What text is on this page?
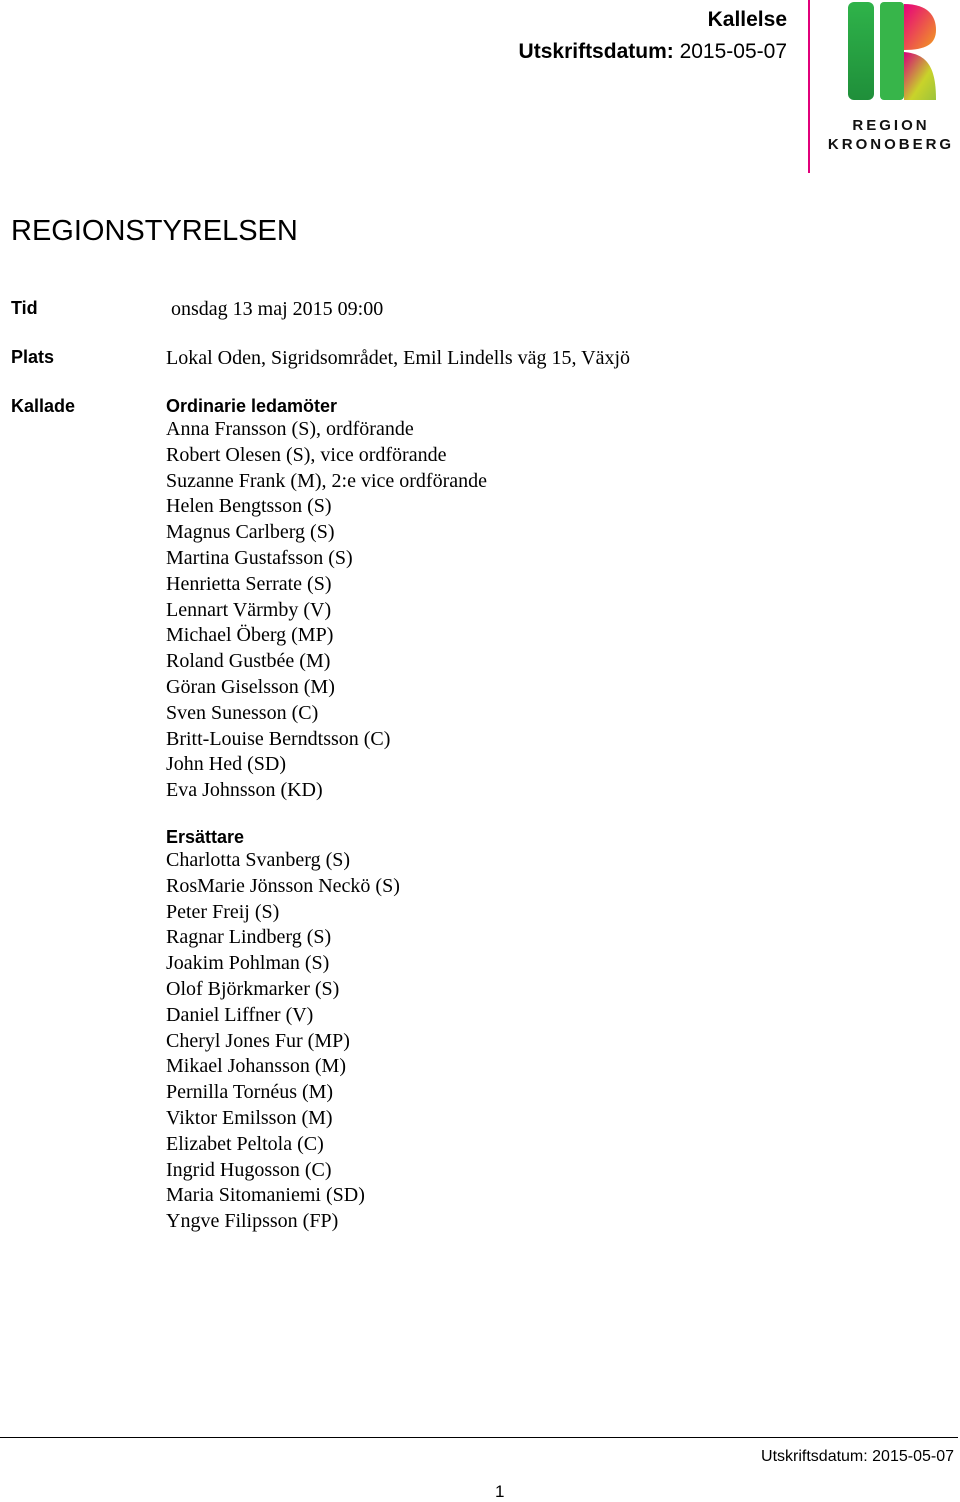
Kallelse
Utskriftsdatum: 2015-05-07
REGION
KRONOBERG
REGIONSTYRELSEN
Tid	onsdag 13 maj 2015 09:00
Plats	Lokal Oden, Sigridsområdet, Emil Lindells väg 15, Växjö
Kallade	Ordinarie ledamöter
Anna Fransson (S), ordförande
Robert Olesen (S), vice ordförande
Suzanne Frank (M), 2:e vice ordförande
Helen Bengtsson (S)
Magnus Carlberg (S)
Martina Gustafsson (S)
Henrietta Serrate (S)
Lennart Värmby (V)
Michael Öberg (MP)
Roland Gustbée (M)
Göran Giselsson (M)
Sven Sunesson (C)
Britt-Louise Berndtsson (C)
John Hed (SD)
Eva Johnsson (KD)
Ersättare
Charlotta Svanberg (S)
RosMarie Jönsson Neckö (S)
Peter Freij (S)
Ragnar Lindberg (S)
Joakim Pohlman (S)
Olof Björkmarker (S)
Daniel Liffner (V)
Cheryl Jones Fur (MP)
Mikael Johansson (M)
Pernilla Tornéus (M)
Viktor Emilsson (M)
Elizabet Peltola (C)
Ingrid Hugosson (C)
Maria Sitomaniemi (SD)
Yngve Filipsson (FP)
Utskriftsdatum: 2015-05-07
1
